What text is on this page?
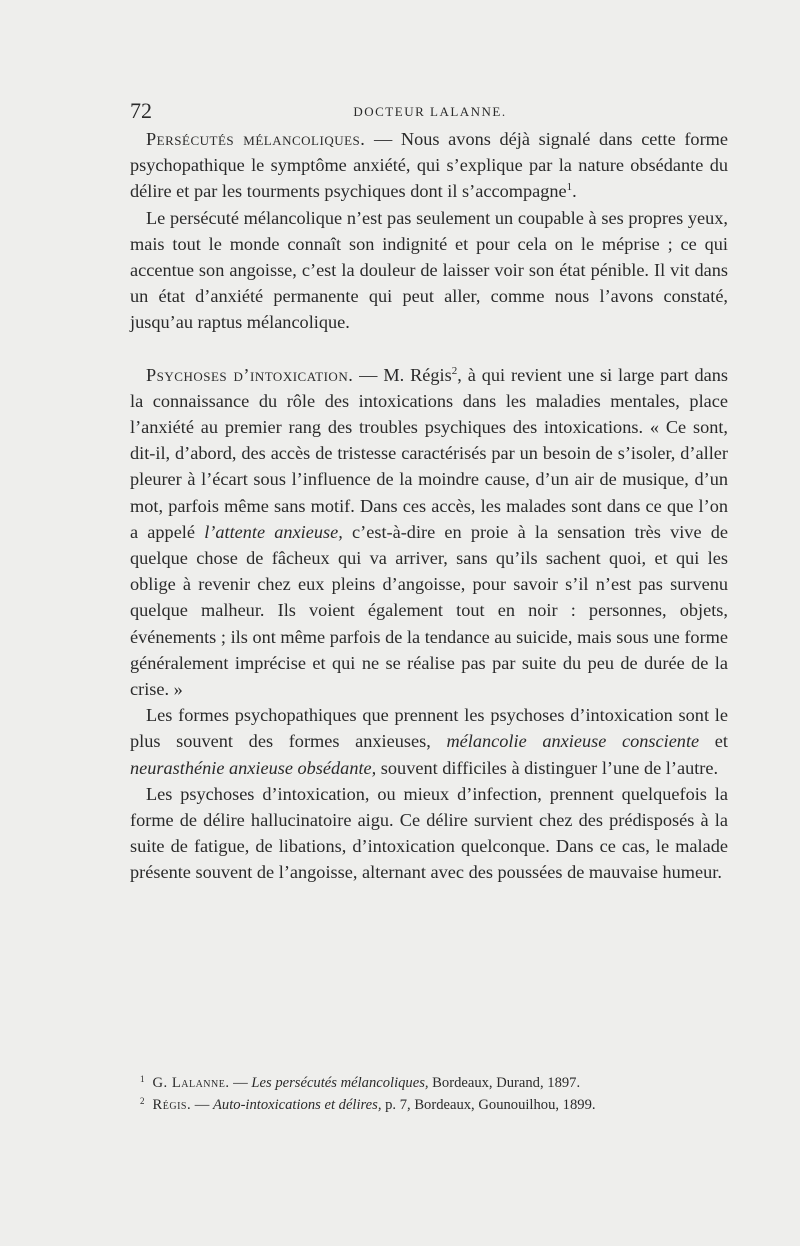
72	DOCTEUR LALANNE.

Persécutés mélancoliques. — Nous avons déjà signalé dans cette forme psychopathique le symptôme anxiété, qui s’explique par la nature obsédante du délire et par les tourments psychiques dont il s’accompagne$^1$.

Le persécuté mélancolique n’est pas seulement un coupable à ses propres yeux, mais tout le monde connaît son indignité et pour cela on le méprise ; ce qui accentue son angoisse, c’est la douleur de laisser voir son état pénible. Il vit dans un état d’anxiété permanente qui peut aller, comme nous l’avons constaté, jusqu’au raptus mélancolique.

Psychoses d’intoxication. — M. Régis$^2$, à qui revient une si large part dans la connaissance du rôle des intoxications dans les maladies mentales, place l’anxiété au premier rang des troubles psychiques des intoxications. « Ce sont, dit-il, d’abord, des accès de tristesse caractérisés par un besoin de s’isoler, d’aller pleurer à l’écart sous l’influence de la moindre cause, d’un air de musique, d’un mot, parfois même sans motif. Dans ces accès, les malades sont dans ce que l’on a appelé l’attente anxieuse, c’est-à-dire en proie à la sensation très vive de quelque chose de fâcheux qui va arriver, sans qu’ils sachent quoi, et qui les oblige à revenir chez eux pleins d’angoisse, pour savoir s’il n’est pas survenu quelque malheur. Ils voient également tout en noir : personnes, objets, événements ; ils ont même parfois de la tendance au suicide, mais sous une forme généralement imprécise et qui ne se réalise pas par suite du peu de durée de la crise. »

Les formes psychopathiques que prennent les psychoses d’intoxication sont le plus souvent des formes anxieuses, mélancolie anxieuse consciente et neurasthénie anxieuse obsédante, souvent difficiles à distinguer l’une de l’autre.

Les psychoses d’intoxication, ou mieux d’infection, prennent quelquefois la forme de délire hallucinatoire aigu. Ce délire survient chez des prédisposés à la suite de fatigue, de libations, d’intoxication quelconque. Dans ce cas, le malade présente souvent de l’angoisse, alternant avec des poussées de mauvaise humeur.

$^1$ G. Lalanne. — Les persécutés mélancoliques, Bordeaux, Durand, 1897.

$^2$ Régis. — Auto-intoxications et délires, p. 7, Bordeaux, Gounouilhou, 1899.
